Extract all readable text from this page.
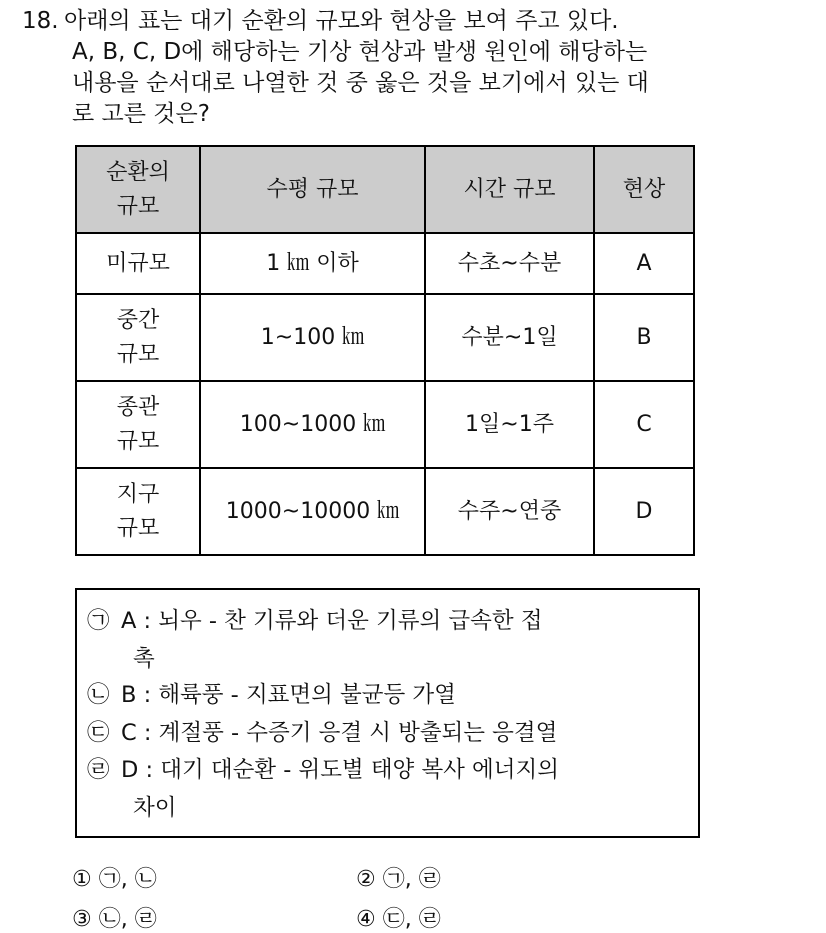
18. 아래의 표는 대기 순환의 규모와 현상을 보여 주고 있다.
A, B, C, D에 해당하는 기상 현상과 발생 원인에 해당하는
내용을 순서대로 나열한 것 중 옳은 것을 보기에서 있는 대
로 고른 것은?
순환의
규모	수평 규모	시간 규모	현상
미규모	1 ㎞ 이하	수초~수분	A
중간
규모	1~100 ㎞	수분~1일	B
종관
규모	100~1000 ㎞	1일~1주	C
지구
규모	1000~10000 ㎞	수주~연중	D
㉠ A : 뇌우 - 찬 기류와 더운 기류의 급속한 접
촉
㉡ B : 해륙풍 - 지표면의 불균등 가열
㉢ C : 계절풍 - 수증기 응결 시 방출되는 응결열
㉣ D : 대기 대순환 - 위도별 태양 복사 에너지의
차이
① ㉠, ㉡	② ㉠, ㉣
③ ㉡, ㉣	④ ㉢, ㉣
